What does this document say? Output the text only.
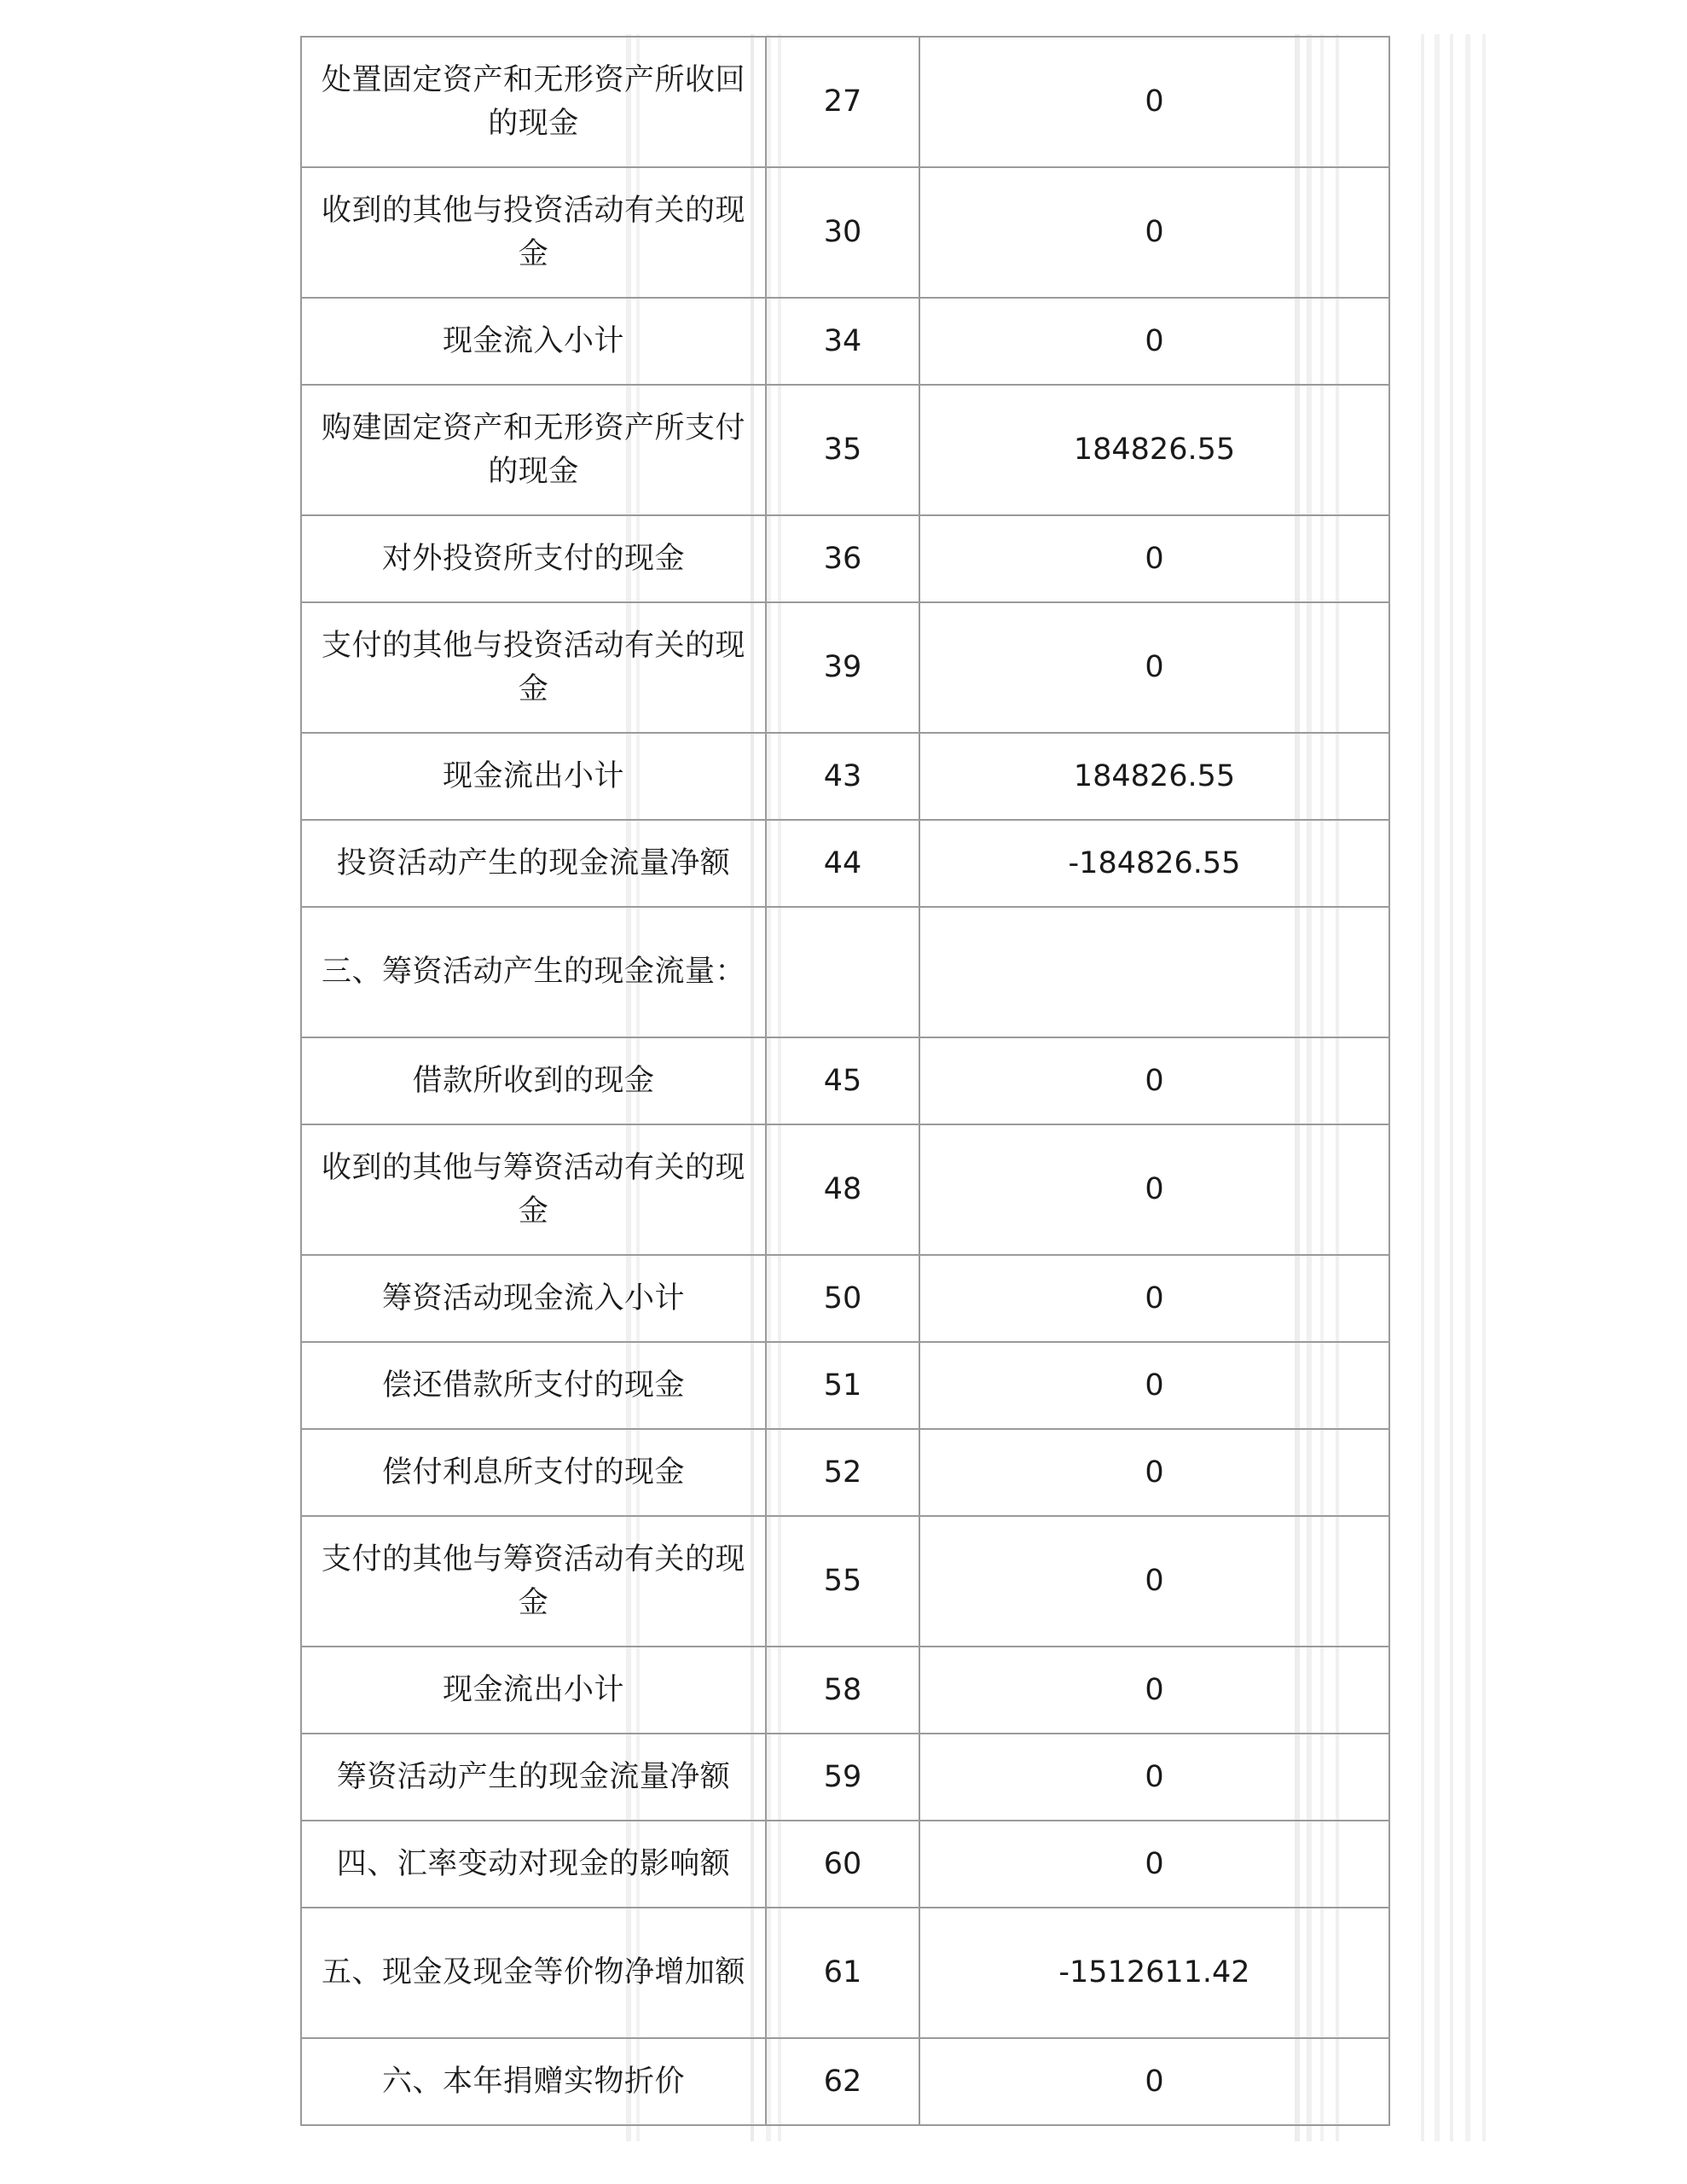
处置固定资产和无形资产所收回的现金	27	0
收到的其他与投资活动有关的现金	30	0
现金流入小计	34	0
购建固定资产和无形资产所支付的现金	35	184826.55
对外投资所支付的现金	36	0
支付的其他与投资活动有关的现金	39	0
现金流出小计	43	184826.55
投资活动产生的现金流量净额	44	-184826.55
三、筹资活动产生的现金流量：		
借款所收到的现金	45	0
收到的其他与筹资活动有关的现金	48	0
筹资活动现金流入小计	50	0
偿还借款所支付的现金	51	0
偿付利息所支付的现金	52	0
支付的其他与筹资活动有关的现金	55	0
现金流出小计	58	0
筹资活动产生的现金流量净额	59	0
四、汇率变动对现金的影响额	60	0
五、现金及现金等价物净增加额	61	-1512611.42
六、本年捐赠实物折价	62	0
